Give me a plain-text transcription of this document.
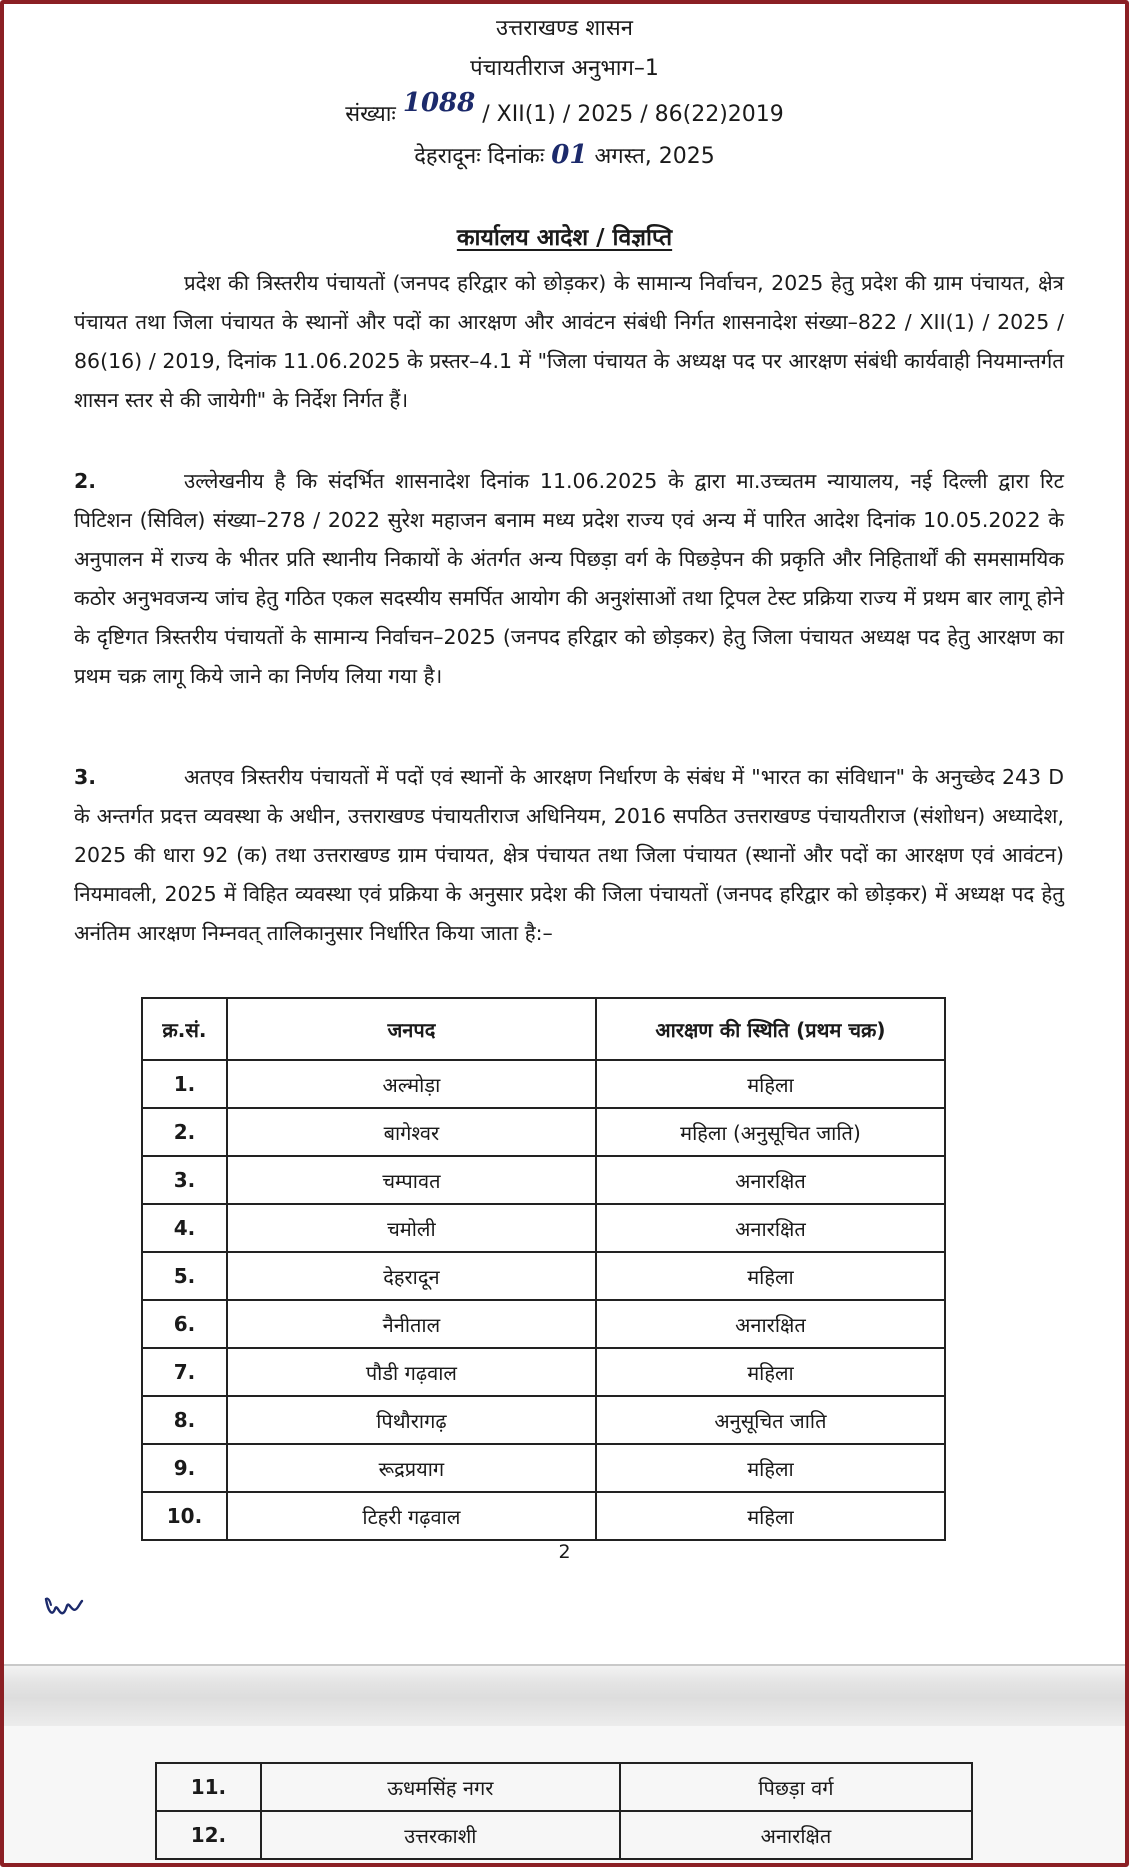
उत्तराखण्ड शासन
पंचायतीराज अनुभाग–1
संख्याः 1088 / XII(1) / 2025 / 86(22)2019
देहरादूनः दिनांकः 01 अगस्त, 2025
कार्यालय आदेश / विज्ञप्ति

प्रदेश की त्रिस्तरीय पंचायतों (जनपद हरिद्वार को छोड़कर) के सामान्य निर्वाचन, 2025 हेतु प्रदेश की ग्राम पंचायत, क्षेत्र पंचायत तथा जिला पंचायत के स्थानों और पदों का आरक्षण और आवंटन संबंधी निर्गत शासनादेश संख्या–822 / XII(1) / 2025 / 86(16) / 2019, दिनांक 11.06.2025 के प्रस्तर–4.1 में "जिला पंचायत के अध्यक्ष पद पर आरक्षण संबंधी कार्यवाही नियमान्तर्गत शासन स्तर से की जायेगी" के निर्देश निर्गत हैं।

2.	उल्लेखनीय है कि संदर्भित शासनादेश दिनांक 11.06.2025 के द्वारा मा.उच्चतम न्यायालय, नई दिल्ली द्वारा रिट पिटिशन (सिविल) संख्या–278 / 2022 सुरेश महाजन बनाम मध्य प्रदेश राज्य एवं अन्य में पारित आदेश दिनांक 10.05.2022 के अनुपालन में राज्य के भीतर प्रति स्थानीय निकायों के अंतर्गत अन्य पिछड़ा वर्ग के पिछड़ेपन की प्रकृति और निहितार्थों की समसामयिक कठोर अनुभवजन्य जांच हेतु गठित एकल सदस्यीय समर्पित आयोग की अनुशंसाओं तथा ट्रिपल टेस्ट प्रक्रिया राज्य में प्रथम बार लागू होने के दृष्टिगत त्रिस्तरीय पंचायतों के सामान्य निर्वाचन–2025 (जनपद हरिद्वार को छोड़कर) हेतु जिला पंचायत अध्यक्ष पद हेतु आरक्षण का प्रथम चक्र लागू किये जाने का निर्णय लिया गया है।

3.	अतएव त्रिस्तरीय पंचायतों में पदों एवं स्थानों के आरक्षण निर्धारण के संबंध में "भारत का संविधान" के अनुच्छेद 243 D के अन्तर्गत प्रदत्त व्यवस्था के अधीन, उत्तराखण्ड पंचायतीराज अधिनियम, 2016 सपठित उत्तराखण्ड पंचायतीराज (संशोधन) अध्यादेश, 2025 की धारा 92 (क) तथा उत्तराखण्ड ग्राम पंचायत, क्षेत्र पंचायत तथा जिला पंचायत (स्थानों और पदों का आरक्षण एवं आवंटन) नियमावली, 2025 में विहित व्यवस्था एवं प्रक्रिया के अनुसार प्रदेश की जिला पंचायतों (जनपद हरिद्वार को छोड़कर) में अध्यक्ष पद हेतु अनंतिम आरक्षण निम्नवत् तालिकानुसार निर्धारित किया जाता है:–

क्र.सं.	जनपद	आरक्षण की स्थिति (प्रथम चक्र)
1.	अल्मोड़ा	महिला
2.	बागेश्वर	महिला (अनुसूचित जाति)
3.	चम्पावत	अनारक्षित
4.	चमोली	अनारक्षित
5.	देहरादून	महिला
6.	नैनीताल	अनारक्षित
7.	पौडी गढ़वाल	महिला
8.	पिथौरागढ़	अनुसूचित जाति
9.	रूद्रप्रयाग	महिला
10.	टिहरी गढ़वाल	महिला
2
11.	ऊधमसिंह नगर	पिछड़ा वर्ग
12.	उत्तरकाशी	अनारक्षित
